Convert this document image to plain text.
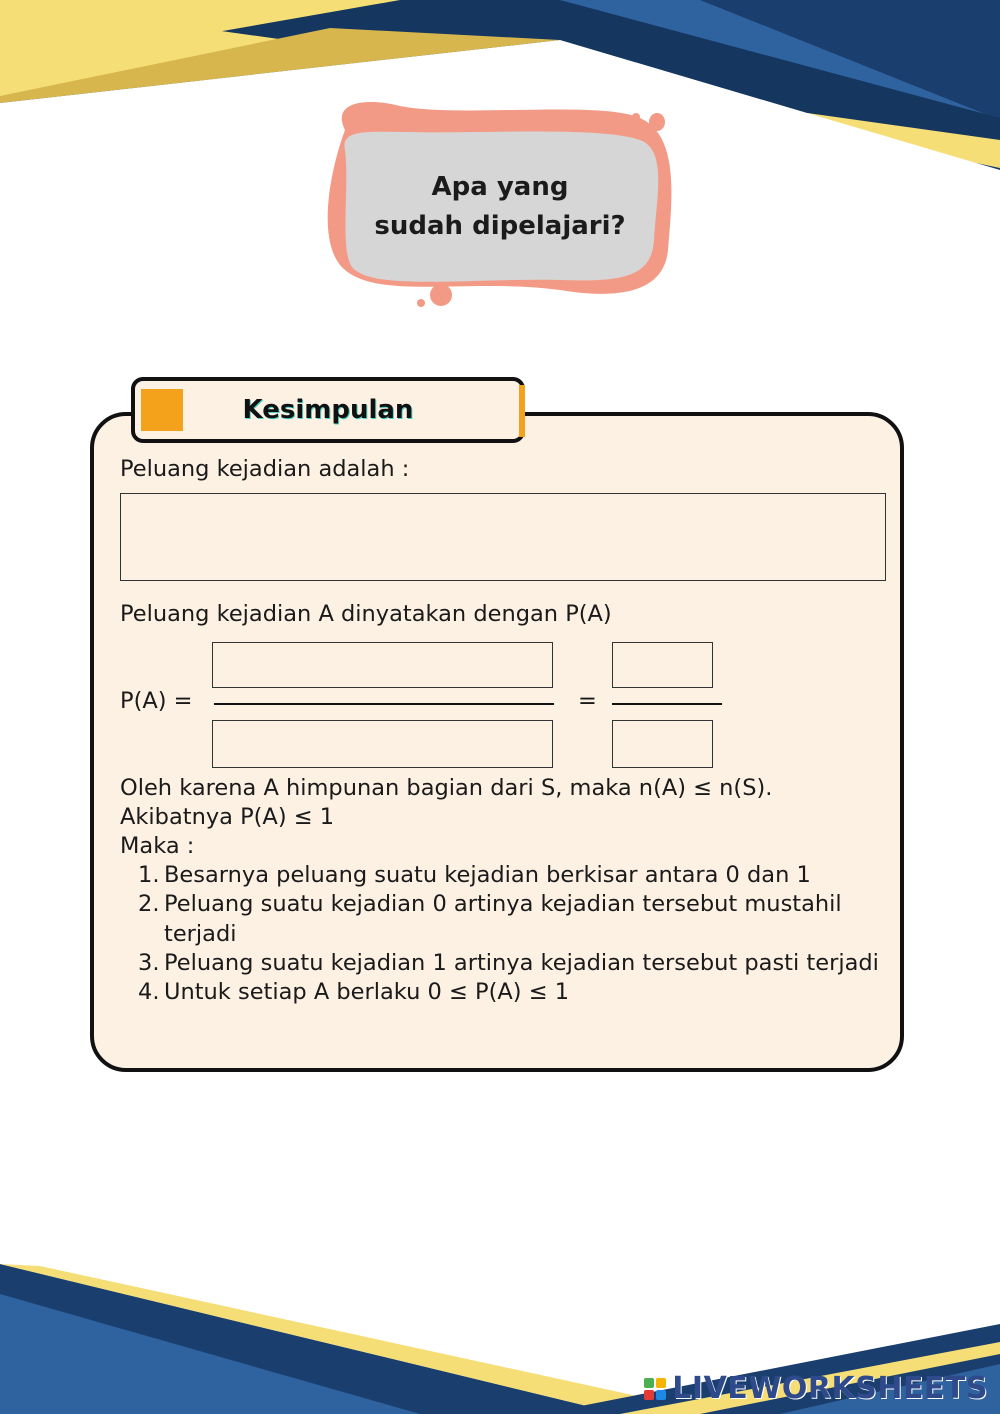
Apa yang
sudah dipelajari?
Kesimpulan
Peluang kejadian adalah :
Peluang kejadian A dinyatakan dengan P(A)
P(A) =	=
Oleh karena A himpunan bagian dari S, maka n(A) ≤ n(S).
Akibatnya P(A) ≤ 1
Maka :
1. Besarnya peluang suatu kejadian berkisar antara 0 dan 1
2. Peluang suatu kejadian 0 artinya kejadian tersebut mustahil terjadi
3. Peluang suatu kejadian 1 artinya kejadian tersebut pasti terjadi
4. Untuk setiap A berlaku 0 ≤ P(A) ≤ 1
LIVEWORKSHEETS
